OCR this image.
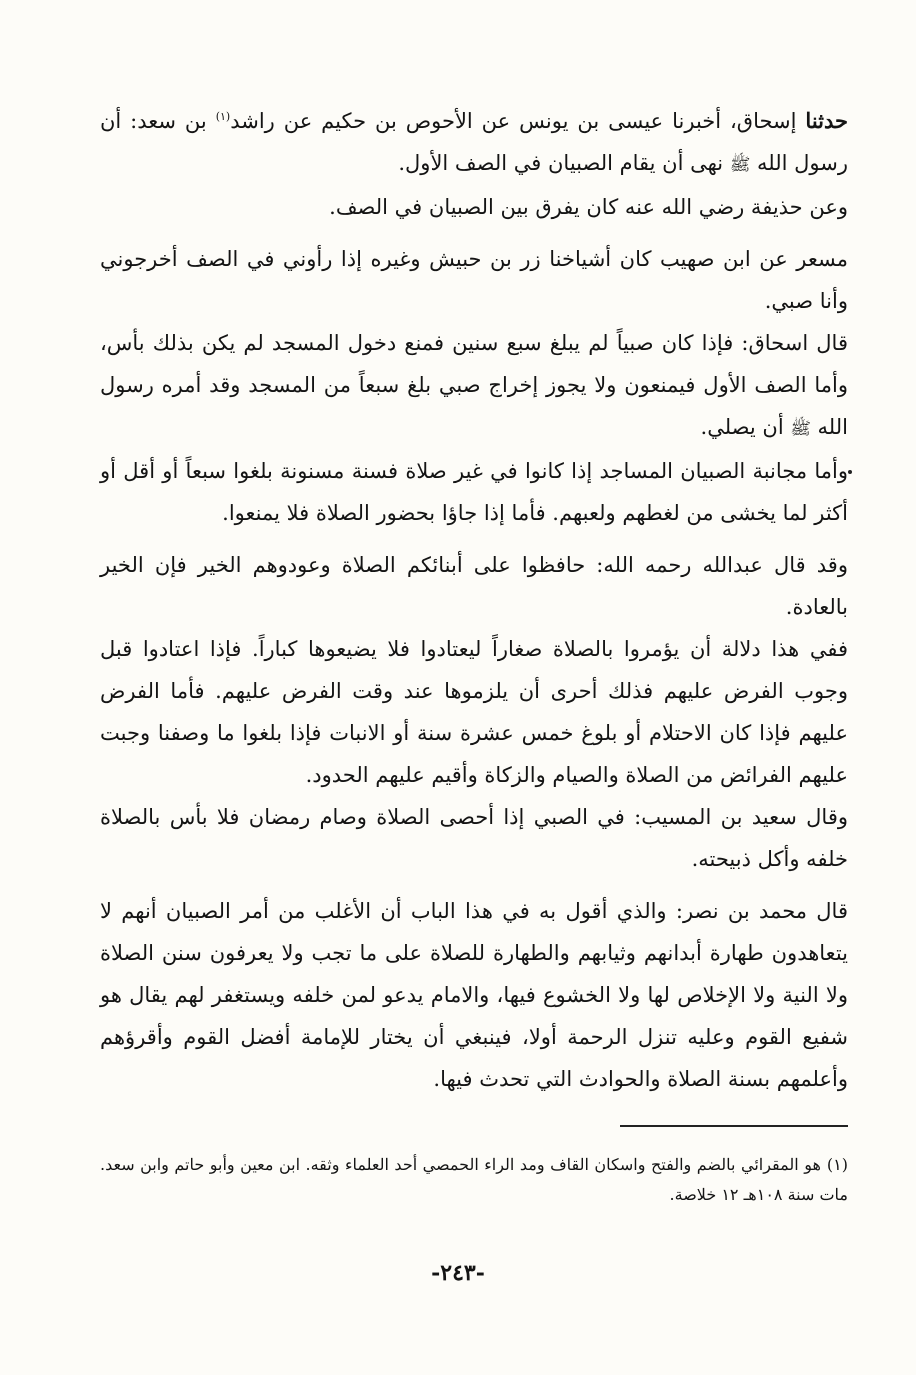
حدثنا إسحاق، أخبرنا عيسى بن يونس عن الأحوص بن حكيم عن راشد$^{(١)}$ بن سعد: أن رسول الله ﷺ نهى أن يقام الصبيان في الصف الأول.

وعن حذيفة رضي الله عنه كان يفرق بين الصبيان في الصف.

مسعر عن ابن صهيب كان أشياخنا زر بن حبيش وغيره إذا رأوني في الصف أخرجوني وأنا صبي.

قال اسحاق: فإذا كان صبياً لم يبلغ سبع سنين فمنع دخول المسجد لم يكن بذلك بأس، وأما الصف الأول فيمنعون ولا يجوز إخراج صبي بلغ سبعاً من المسجد وقد أمره رسول الله ﷺ أن يصلي.

وأما مجانبة الصبيان المساجد إذا كانوا في غير صلاة فسنة مسنونة بلغوا سبعاً أو أقل أو أكثر لما يخشى من لغطهم ولعبهم. فأما إذا جاؤا بحضور الصلاة فلا يمنعوا.

وقد قال عبدالله رحمه الله: حافظوا على أبنائكم الصلاة وعودوهم الخير فإن الخير بالعادة.

ففي هذا دلالة أن يؤمروا بالصلاة صغاراً ليعتادوا فلا يضيعوها كباراً. فإذا اعتادوا قبل وجوب الفرض عليهم فذلك أحرى أن يلزموها عند وقت الفرض عليهم. فأما الفرض عليهم فإذا كان الاحتلام أو بلوغ خمس عشرة سنة أو الانبات فإذا بلغوا ما وصفنا وجبت عليهم الفرائض من الصلاة والصيام والزكاة وأقيم عليهم الحدود.

وقال سعيد بن المسيب: في الصبي إذا أحصى الصلاة وصام رمضان فلا بأس بالصلاة خلفه وأكل ذبيحته.

قال محمد بن نصر: والذي أقول به في هذا الباب أن الأغلب من أمر الصبيان أنهم لا يتعاهدون طهارة أبدانهم وثيابهم والطهارة للصلاة على ما تجب ولا يعرفون سنن الصلاة ولا النية ولا الإخلاص لها ولا الخشوع فيها، والامام يدعو لمن خلفه ويستغفر لهم يقال هو شفيع القوم وعليه تنزل الرحمة أولا، فينبغي أن يختار للإمامة أفضل القوم وأقرؤهم وأعلمهم بسنة الصلاة والحوادث التي تحدث فيها.

(١)هو المقرائي بالضم والفتح واسكان القاف ومد الراء الحمصي أحد العلماء وثقه. ابن معين وأبو حاتم وابن سعد. مات سنة ١٠٨هـ ١٢ خلاصة.
-٢٤٣-
